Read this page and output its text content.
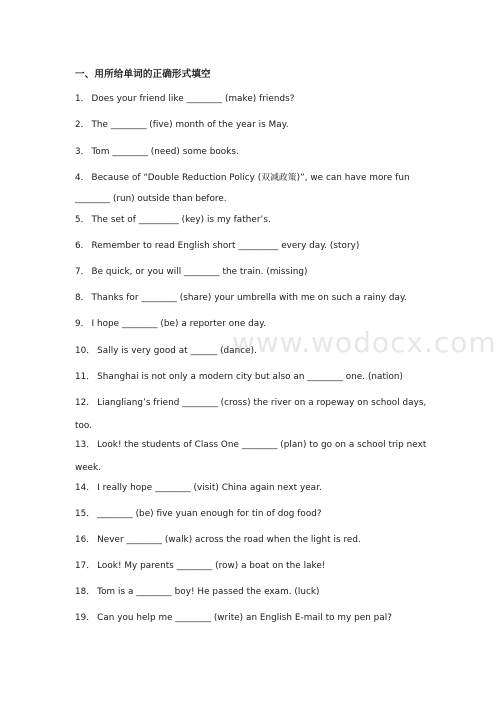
一、用所给单词的正确形式填空
1． Does your friend like ________ (make) friends?
2． The ________ (five) month of the year is May.
3． Tom ________ (need) some books.
4． Because of “Double Reduction Policy (双减政策)”, we can have more fun
________ (run) outside than before.
5． The set of _________ (key) is my father’s.
6． Remember to read English short _________ every day. (story)
7． Be quick, or you will ________ the train. (missing)
8． Thanks for ________ (share) your umbrella with me on such a rainy day.
9． I hope ________ (be) a reporter one day.
10． Sally is very good at ______ (dance).
11． Shanghai is not only a modern city but also an ________ one. (nation)
12． Liangliang’s friend ________ (cross) the river on a ropeway on school days,
too.
13． Look! the students of Class One ________ (plan) to go on a school trip next
week.
14． I really hope ________ (visit) China again next year.
15． ________ (be) five yuan enough for tin of dog food?
16． Never ________ (walk) across the road when the light is red.
17． Look! My parents ________ (row) a boat on the lake!
18． Tom is a ________ boy! He passed the exam. (luck)
19． Can you help me ________ (write) an English E-mail to my pen pal?
www.wodocx.com
